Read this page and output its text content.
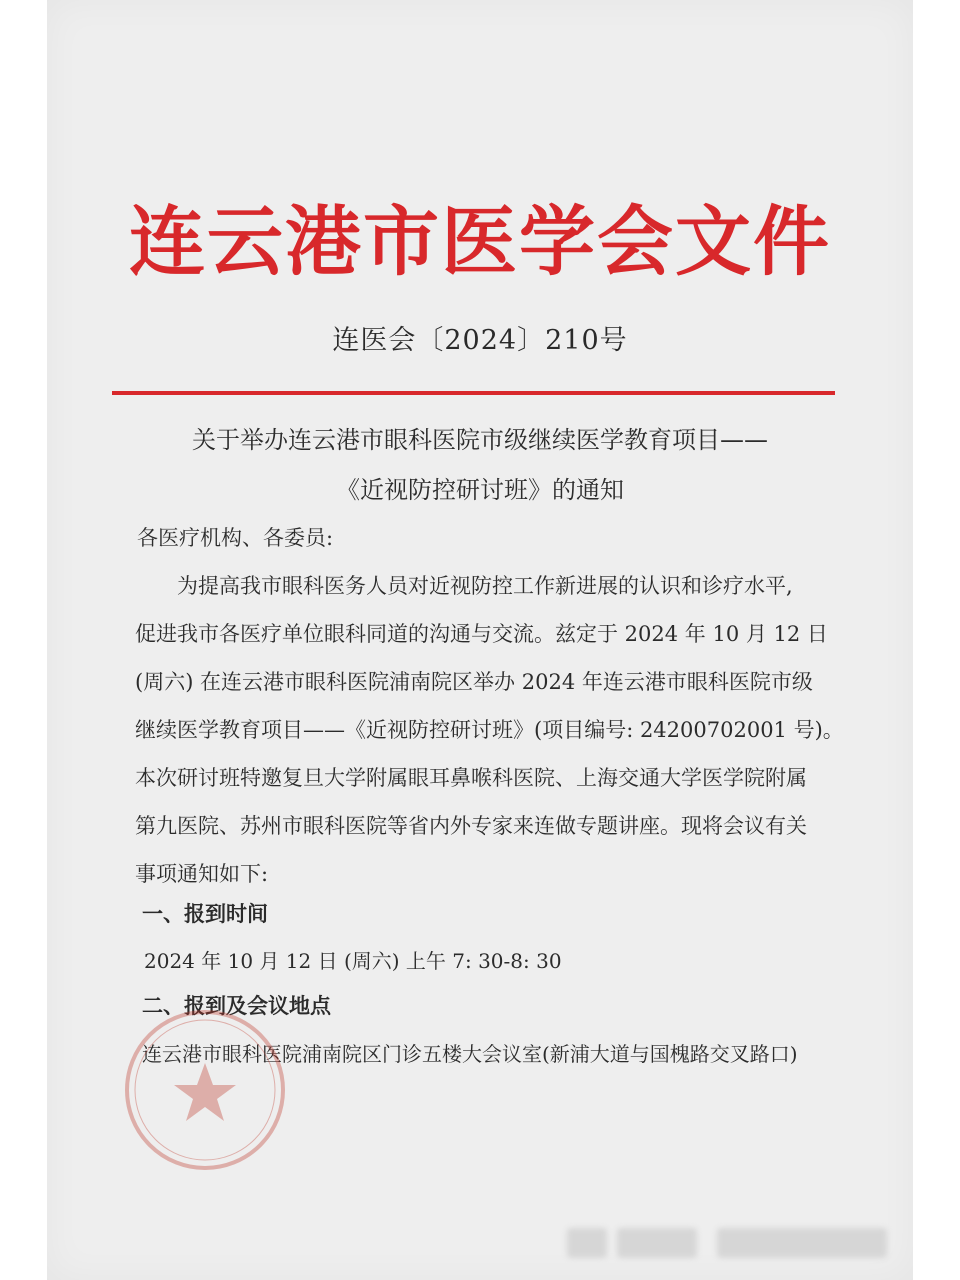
连云港市医学会文件
连医会〔2024〕210号
关于举办连云港市眼科医院市级继续医学教育项目——
《近视防控研讨班》的通知
各医疗机构、各委员:
为提高我市眼科医务人员对近视防控工作新进展的认识和诊疗水平,
促进我市各医疗单位眼科同道的沟通与交流。兹定于 2024 年 10 月 12 日
(周六) 在连云港市眼科医院浦南院区举办 2024 年连云港市眼科医院市级
继续医学教育项目——《近视防控研讨班》(项目编号: 24200702001 号)。
本次研讨班特邀复旦大学附属眼耳鼻喉科医院、上海交通大学医学院附属
第九医院、苏州市眼科医院等省内外专家来连做专题讲座。现将会议有关
事项通知如下:
一、报到时间
2024 年 10 月 12 日 (周六) 上午 7: 30-8: 30
二、报到及会议地点
连云港市眼科医院浦南院区门诊五楼大会议室(新浦大道与国槐路交叉路口)
